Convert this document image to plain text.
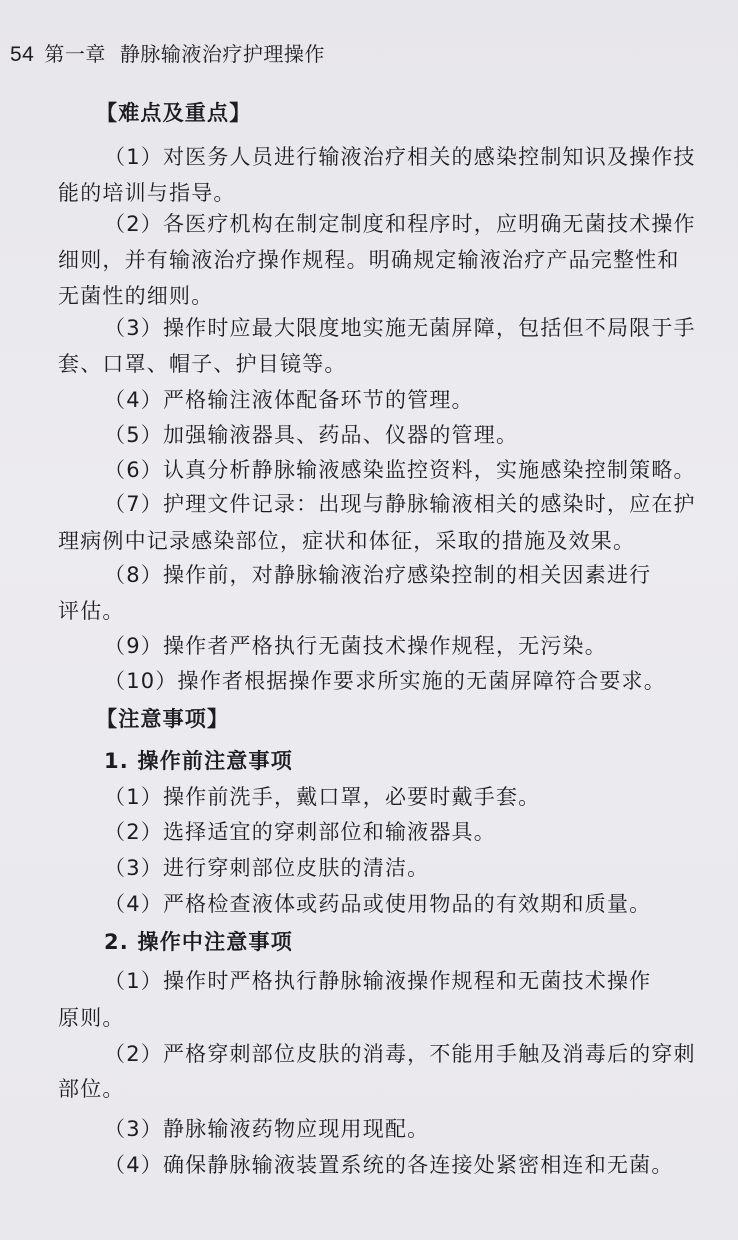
54 第一章 静脉输液治疗护理操作
【难点及重点】
（1）对医务人员进行输液治疗相关的感染控制知识及操作技
能的培训与指导。
（2）各医疗机构在制定制度和程序时，应明确无菌技术操作
细则，并有输液治疗操作规程。明确规定输液治疗产品完整性和
无菌性的细则。
（3）操作时应最大限度地实施无菌屏障，包括但不局限于手
套、口罩、帽子、护目镜等。
（4）严格输注液体配备环节的管理。
（5）加强输液器具、药品、仪器的管理。
（6）认真分析静脉输液感染监控资料，实施感染控制策略。
（7）护理文件记录：出现与静脉输液相关的感染时，应在护
理病例中记录感染部位，症状和体征，采取的措施及效果。
（8）操作前，对静脉输液治疗感染控制的相关因素进行
评估。
（9）操作者严格执行无菌技术操作规程，无污染。
（10）操作者根据操作要求所实施的无菌屏障符合要求。
【注意事项】
1. 操作前注意事项
（1）操作前洗手，戴口罩，必要时戴手套。
（2）选择适宜的穿刺部位和输液器具。
（3）进行穿刺部位皮肤的清洁。
（4）严格检查液体或药品或使用物品的有效期和质量。
2. 操作中注意事项
（1）操作时严格执行静脉输液操作规程和无菌技术操作
原则。
（2）严格穿刺部位皮肤的消毒，不能用手触及消毒后的穿刺
部位。
（3）静脉输液药物应现用现配。
（4）确保静脉输液装置系统的各连接处紧密相连和无菌。
